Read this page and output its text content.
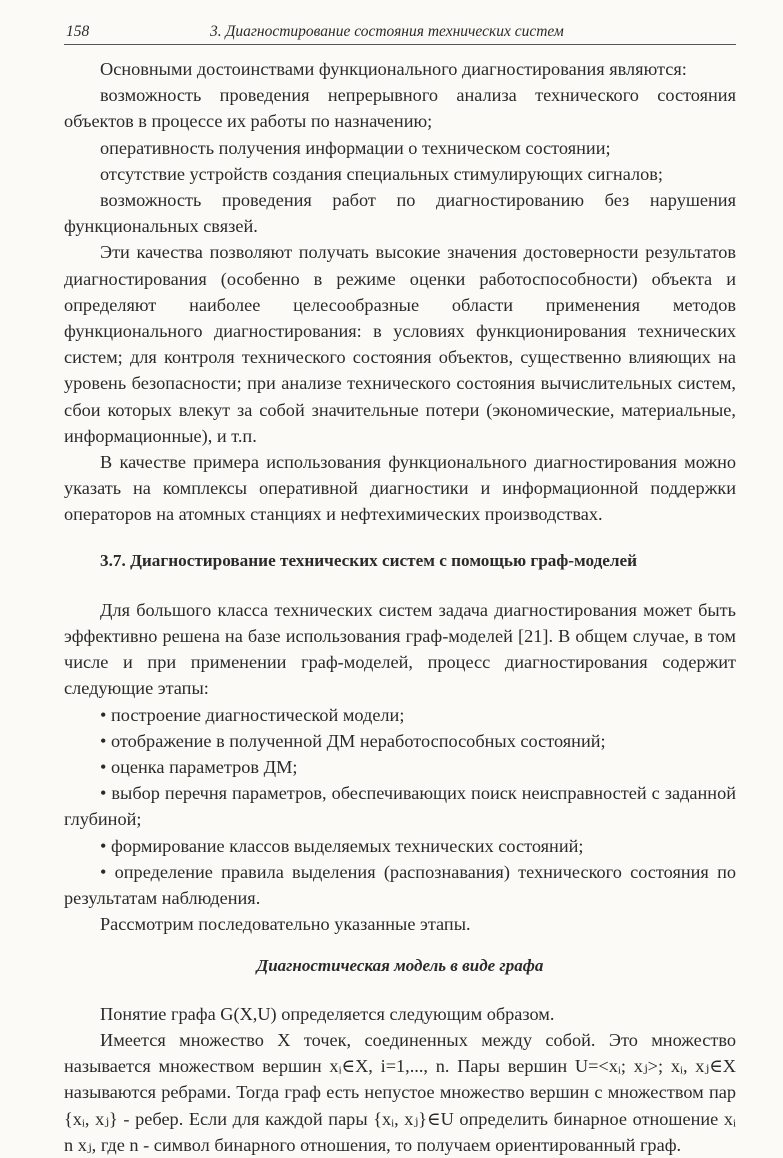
158	3. Диагностирование состояния технических систем

Основными достоинствами функционального диагностирования являются:

возможность проведения непрерывного анализа технического состояния объектов в процессе их работы по назначению;

оперативность получения информации о техническом состоянии;

отсутствие устройств создания специальных стимулирующих сигналов;

возможность проведения работ по диагностированию без нарушения функциональных связей.

Эти качества позволяют получать высокие значения достоверности результатов диагностирования (особенно в режиме оценки работоспособности) объекта и определяют наиболее целесообразные области применения методов функционального диагностирования: в условиях функционирования технических систем; для контроля технического состояния объектов, существенно влияющих на уровень безопасности; при анализе технического состояния вычислительных систем, сбои которых влекут за собой значительные потери (экономические, материальные, информационные), и т.п.

В качестве примера использования функционального диагностирования можно указать на комплексы оперативной диагностики и информационной поддержки операторов на атомных станциях и нефтехимических производствах.

3.7. Диагностирование технических систем с помощью граф-моделей

Для большого класса технических систем задача диагностирования может быть эффективно решена на базе использования граф-моделей [21]. В общем случае, в том числе и при применении граф-моделей, процесс диагностирования содержит следующие этапы:

• построение диагностической модели;

• отображение в полученной ДМ неработоспособных состояний;

• оценка параметров ДМ;

• выбор перечня параметров, обеспечивающих поиск неисправностей с заданной глубиной;

• формирование классов выделяемых технических состояний;

• определение правила выделения (распознавания) технического состояния по результатам наблюдения.

Рассмотрим последовательно указанные этапы.

Диагностическая модель в виде графа

Понятие графа G(X,U) определяется следующим образом.

Имеется множество X точек, соединенных между собой. Это множество называется множеством вершин xᵢ∈X, i=1,..., n. Пары вершин U=<xᵢ; xⱼ>; xᵢ, xⱼ∈X называются ребрами. Тогда граф есть непустое множество вершин с множеством пар {xᵢ, xⱼ} - ребер. Если для каждой пары {xᵢ, xⱼ}∈U определить бинарное отношение xᵢ n xⱼ, где n - символ бинарного отношения, то получаем ориентированный граф.
